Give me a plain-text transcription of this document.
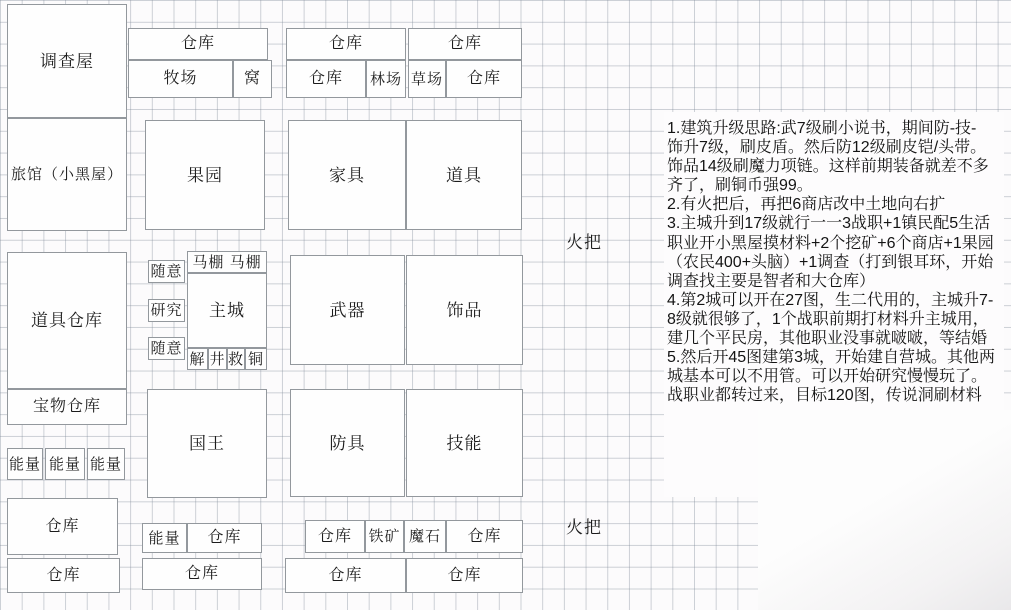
调查屋
仓库
牧场	窝
仓库
仓库	林场
仓库
草场	仓库
旅馆（小黑屋）	果园	家具	道具
道具仓库
随意
研究
随意
马棚 马棚
主城
解 井 救 铜
武器	饰品
宝物仓库
能量 能量 能量
国王	防具	技能
仓库
能量	仓库	仓库	铁矿 魔石	仓库
仓库	仓库	仓库	仓库
火把
火把
1.建筑升级思路:武7级刷小说书，期间防-技-
饰升7级，刷皮盾。然后防12级刷皮铠/头带。
饰品14级刷魔力项链。这样前期装备就差不多
齐了，刷铜币强99。
2.有火把后，再把6商店改中土地向右扩
3.主城升到17级就行一一3战职+1镇民配5生活
职业开小黑屋摸材料+2个挖矿+6个商店+1果园
（农民400+头脑）+1调查（打到银耳环，开始
调查找主要是智者和大仓库）
4.第2城可以开在27图，生二代用的，主城升7-
8级就很够了，1个战职前期打材料升主城用，
建几个平民房，其他职业没事就啵啵，等结婚
5.然后开45图建第3城，开始建自营城。其他两
城基本可以不用管。可以开始研究慢慢玩了。
战职业都转过来，目标120图，传说洞刷材料
